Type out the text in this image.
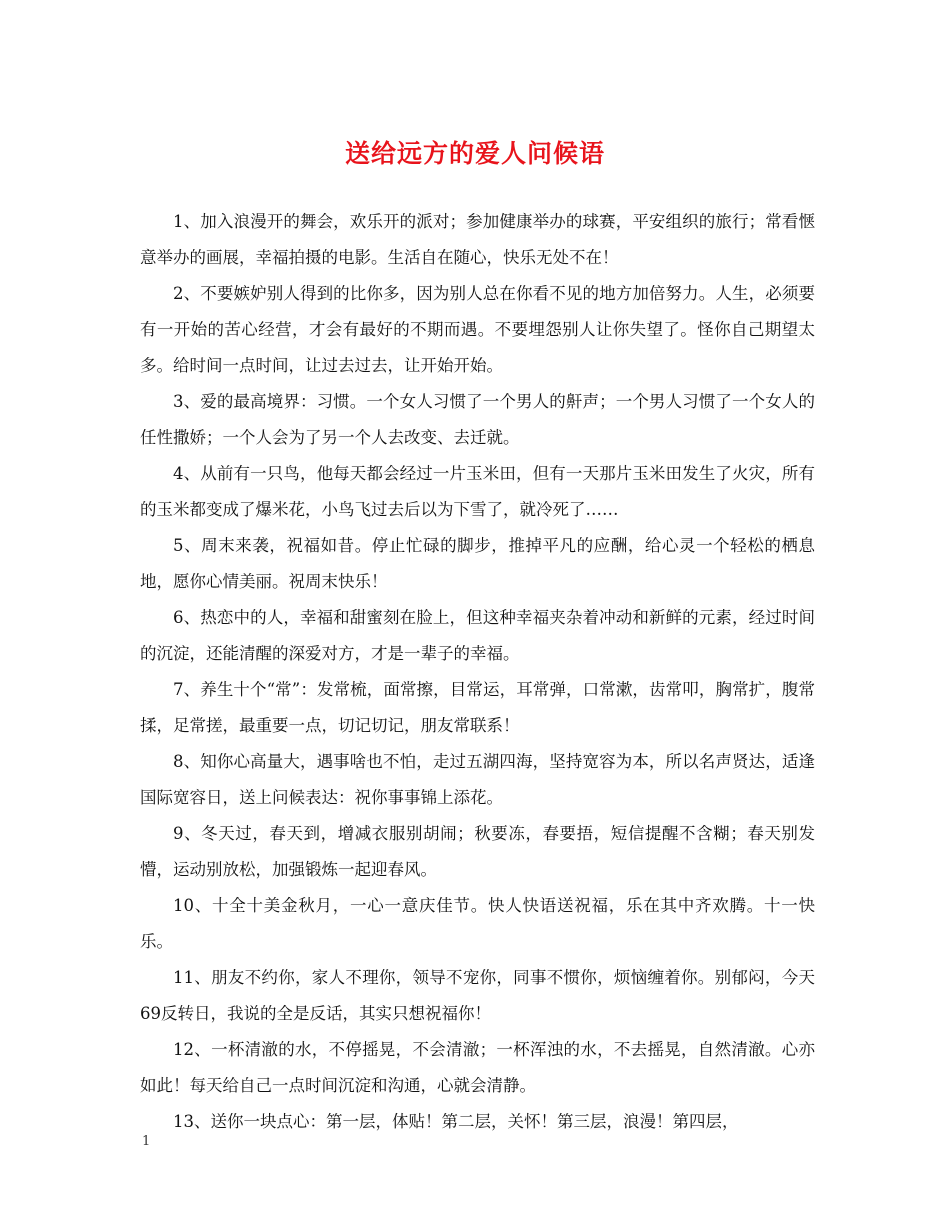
送给远方的爱人问候语

1、加入浪漫开的舞会，欢乐开的派对；参加健康举办的球赛，平安组织的旅行；常看惬意举办的画展，幸福拍摄的电影。生活自在随心，快乐无处不在！

2、不要嫉妒别人得到的比你多，因为别人总在你看不见的地方加倍努力。人生，必须要有一开始的苦心经营，才会有最好的不期而遇。不要埋怨别人让你失望了。怪你自己期望太多。给时间一点时间，让过去过去，让开始开始。

3、爱的最高境界：习惯。一个女人习惯了一个男人的鼾声；一个男人习惯了一个女人的任性撒娇；一个人会为了另一个人去改变、去迁就。

4、从前有一只鸟，他每天都会经过一片玉米田，但有一天那片玉米田发生了火灾，所有的玉米都变成了爆米花，小鸟飞过去后以为下雪了，就冷死了……

5、周末来袭，祝福如昔。停止忙碌的脚步，推掉平凡的应酬，给心灵一个轻松的栖息地，愿你心情美丽。祝周末快乐！

6、热恋中的人，幸福和甜蜜刻在脸上，但这种幸福夹杂着冲动和新鲜的元素，经过时间的沉淀，还能清醒的深爱对方，才是一辈子的幸福。

7、养生十个“常”：发常梳，面常擦，目常运，耳常弹，口常漱，齿常叩，胸常扩，腹常揉，足常搓，最重要一点，切记切记，朋友常联系！

8、知你心高量大，遇事啥也不怕，走过五湖四海，坚持宽容为本，所以名声贤达，适逢国际宽容日，送上问候表达：祝你事事锦上添花。

9、冬天过，春天到，增减衣服别胡闹；秋要冻，春要捂，短信提醒不含糊；春天别发懵，运动别放松，加强锻炼一起迎春风。

10、十全十美金秋月，一心一意庆佳节。快人快语送祝福，乐在其中齐欢腾。十一快乐。

11、朋友不约你，家人不理你，领导不宠你，同事不惯你，烦恼缠着你。别郁闷，今天69反转日，我说的全是反话，其实只想祝福你！

12、一杯清澈的水，不停摇晃，不会清澈；一杯浑浊的水，不去摇晃，自然清澈。心亦如此！每天给自己一点时间沉淀和沟通，心就会清静。

13、送你一块点心：第一层，体贴！第二层，关怀！第三层，浪漫！第四层，

1
